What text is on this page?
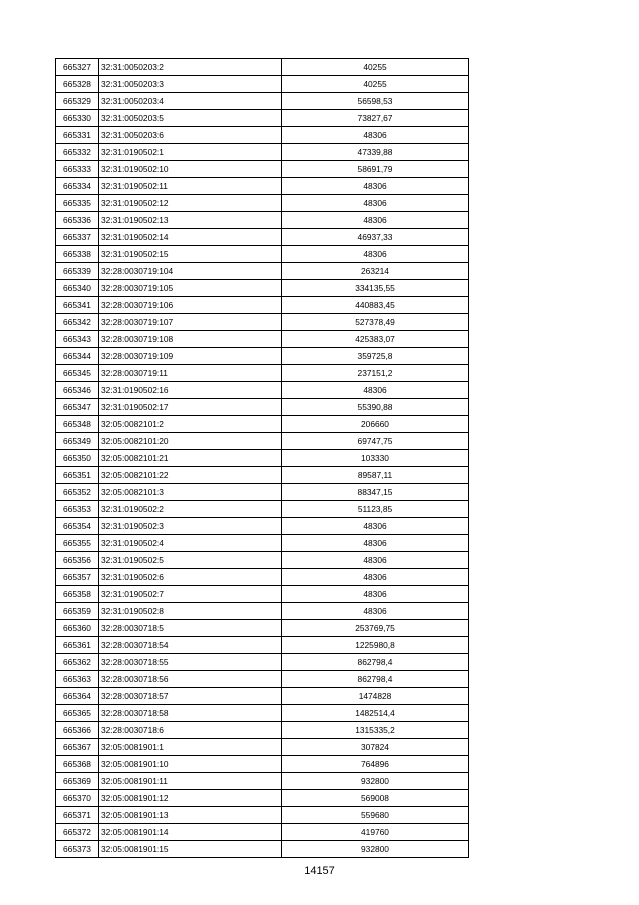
665327	32:31:0050203:2	40255
665328	32:31:0050203:3	40255
665329	32:31:0050203:4	56598,53
665330	32:31:0050203:5	73827,67
665331	32:31:0050203:6	48306
665332	32:31:0190502:1	47339,88
665333	32:31:0190502:10	58691,79
665334	32:31:0190502:11	48306
665335	32:31:0190502:12	48306
665336	32:31:0190502:13	48306
665337	32:31:0190502:14	46937,33
665338	32:31:0190502:15	48306
665339	32:28:0030719:104	263214
665340	32:28:0030719:105	334135,55
665341	32:28:0030719:106	440883,45
665342	32:28:0030719:107	527378,49
665343	32:28:0030719:108	425383,07
665344	32:28:0030719:109	359725,8
665345	32:28:0030719:11	237151,2
665346	32:31:0190502:16	48306
665347	32:31:0190502:17	55390,88
665348	32:05:0082101:2	206660
665349	32:05:0082101:20	69747,75
665350	32:05:0082101:21	103330
665351	32:05:0082101:22	89587,11
665352	32:05:0082101:3	88347,15
665353	32:31:0190502:2	51123,85
665354	32:31:0190502:3	48306
665355	32:31:0190502:4	48306
665356	32:31:0190502:5	48306
665357	32:31:0190502:6	48306
665358	32:31:0190502:7	48306
665359	32:31:0190502:8	48306
665360	32:28:0030718:5	253769,75
665361	32:28:0030718:54	1225980,8
665362	32:28:0030718:55	862798,4
665363	32:28:0030718:56	862798,4
665364	32:28:0030718:57	1474828
665365	32:28:0030718:58	1482514,4
665366	32:28:0030718:6	1315335,2
665367	32:05:0081901:1	307824
665368	32:05:0081901:10	764896
665369	32:05:0081901:11	932800
665370	32:05:0081901:12	569008
665371	32:05:0081901:13	559680
665372	32:05:0081901:14	419760
665373	32:05:0081901:15	932800
14157
